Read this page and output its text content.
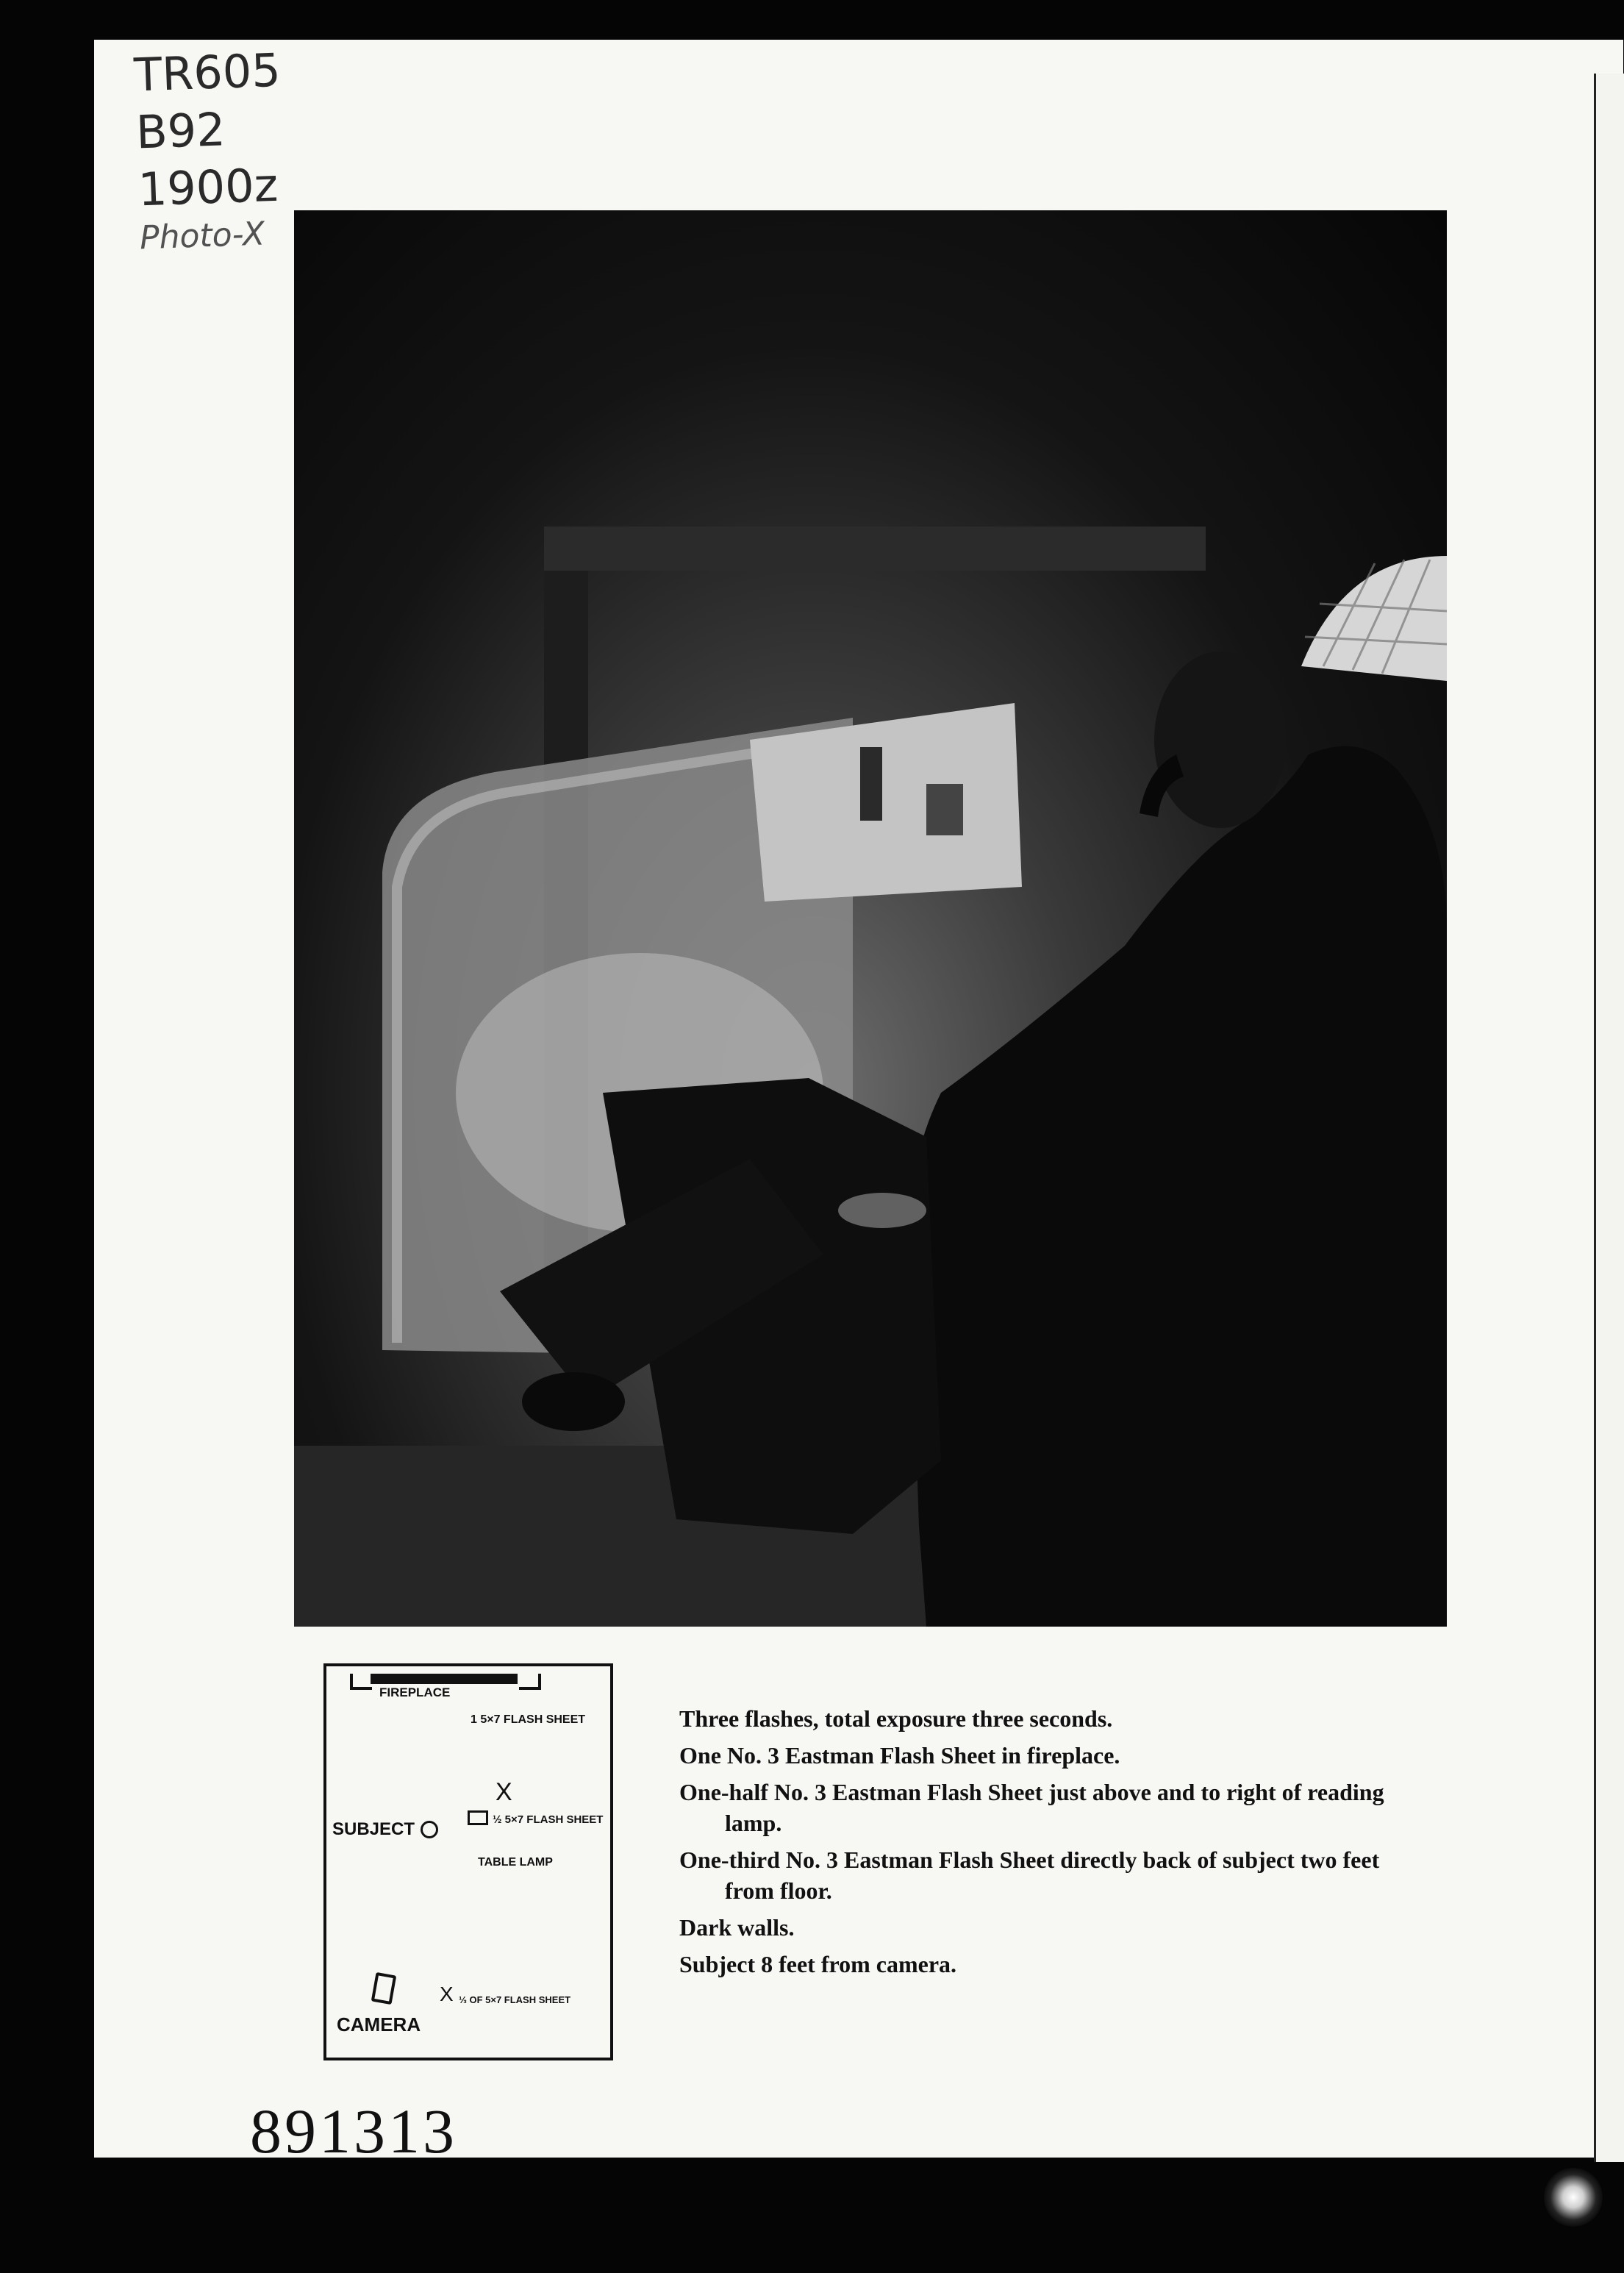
TR605
B92
1900z
Photo-X
FIREPLACE
1 5×7 FLASH SHEET
X
½ 5×7 FLASH SHEET
SUBJECT
TABLE LAMP
X ⅓ OF 5×7 FLASH SHEET
CAMERA
Three flashes, total exposure three seconds.
One No. 3 Eastman Flash Sheet in fireplace.
One-half No. 3 Eastman Flash Sheet just above and to right of reading lamp.
One-third No. 3 Eastman Flash Sheet directly back of subject two feet from floor.
Dark walls.
Subject 8 feet from camera.
891313
